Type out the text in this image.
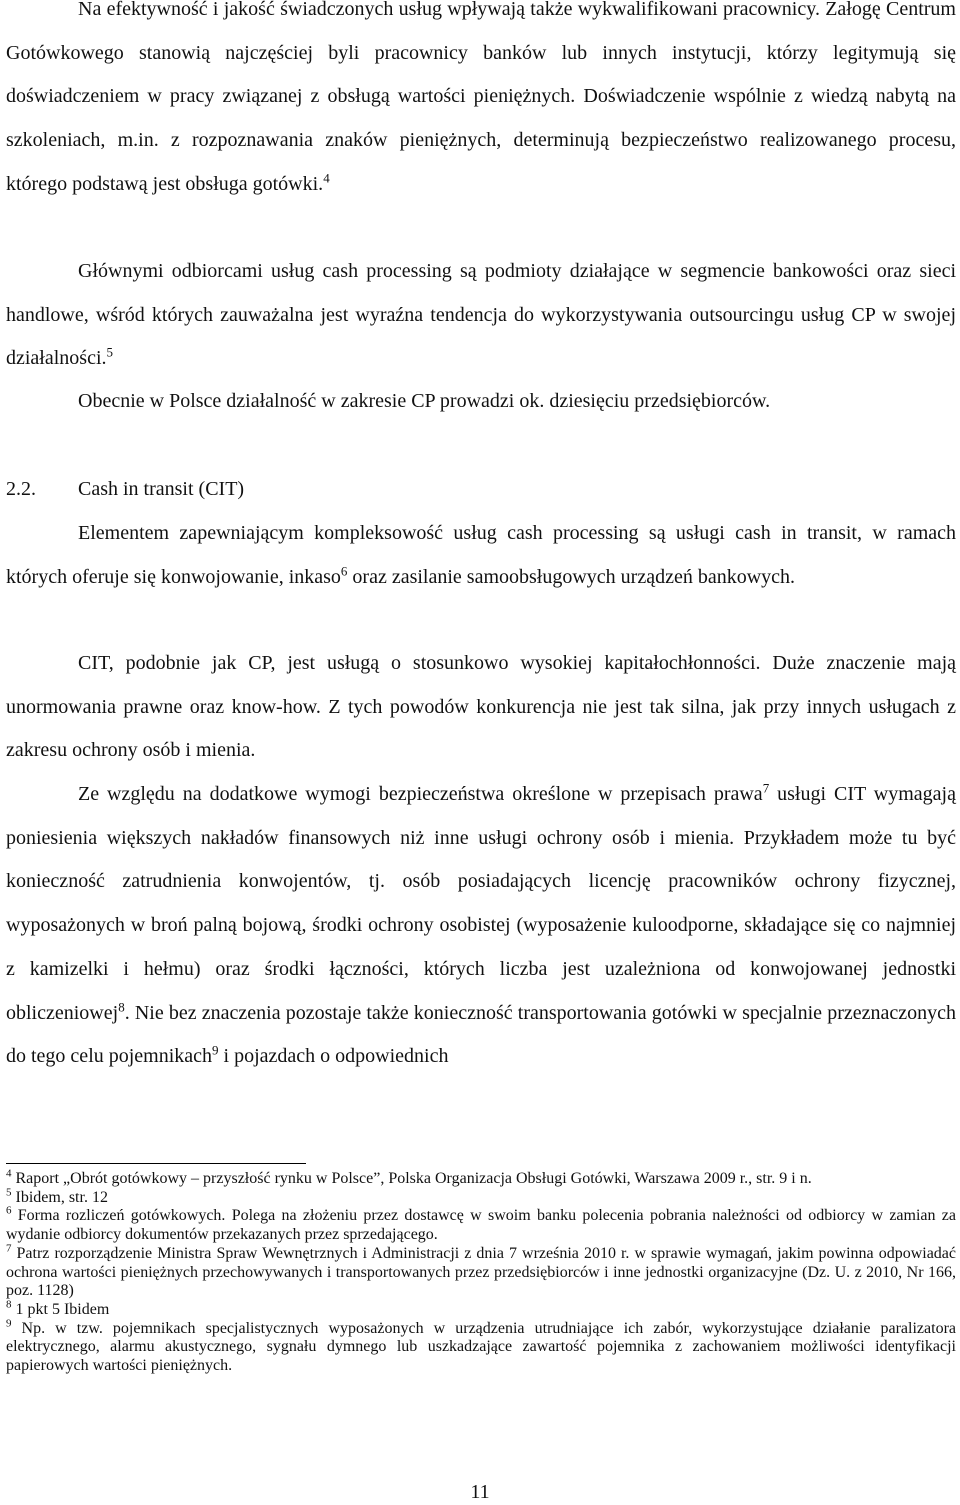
Na efektywność i jakość świadczonych usług wpływają także wykwalifikowani pracownicy. Załogę Centrum Gotówkowego stanowią najczęściej byli pracownicy banków lub innych instytucji, którzy legitymują się doświadczeniem w pracy związanej z obsługą wartości pieniężnych. Doświadczenie wspólnie z wiedzą nabytą na szkoleniach, m.in. z rozpoznawania znaków pieniężnych, determinują bezpieczeństwo realizowanego procesu, którego podstawą jest obsługa gotówki.$^4$

Głównymi odbiorcami usług cash processing są podmioty działające w segmencie bankowości oraz sieci handlowe, wśród których zauważalna jest wyraźna tendencja do wykorzystywania outsourcingu usług CP w swojej działalności.$^5$

Obecnie w Polsce działalność w zakresie CP prowadzi ok. dziesięciu przedsiębiorców.

2.2. Cash in transit (CIT)

Elementem zapewniającym kompleksowość usług cash processing są usługi cash in transit, w ramach których oferuje się konwojowanie, inkaso$^6$ oraz zasilanie samoobsługowych urządzeń bankowych.

CIT, podobnie jak CP, jest usługą o stosunkowo wysokiej kapitałochłonności. Duże znaczenie mają unormowania prawne oraz know-how. Z tych powodów konkurencja nie jest tak silna, jak przy innych usługach z zakresu ochrony osób i mienia.

Ze względu na dodatkowe wymogi bezpieczeństwa określone w przepisach prawa$^7$ usługi CIT wymagają poniesienia większych nakładów finansowych niż inne usługi ochrony osób i mienia. Przykładem może tu być konieczność zatrudnienia konwojentów, tj. osób posiadających licencję pracowników ochrony fizycznej, wyposażonych w broń palną bojową, środki ochrony osobistej (wyposażenie kuloodporne, składające się co najmniej z kamizelki i hełmu) oraz środki łączności, których liczba jest uzależniona od konwojowanej jednostki obliczeniowej$^8$. Nie bez znaczenia pozostaje także konieczność transportowania gotówki w specjalnie przeznaczonych do tego celu pojemnikach$^9$ i pojazdach o odpowiednich

$^4$ Raport „Obrót gotówkowy – przyszłość rynku w Polsce”, Polska Organizacja Obsługi Gotówki, Warszawa 2009 r., str. 9 i n.

$^5$ Ibidem, str. 12

$^6$ Forma rozliczeń gotówkowych. Polega na złożeniu przez dostawcę w swoim banku polecenia pobrania należności od odbiorcy w zamian za wydanie odbiorcy dokumentów przekazanych przez sprzedającego.

$^7$ Patrz rozporządzenie Ministra Spraw Wewnętrznych i Administracji z dnia 7 września 2010 r. w sprawie wymagań, jakim powinna odpowiadać ochrona wartości pieniężnych przechowywanych i transportowanych przez przedsiębiorców i inne jednostki organizacyjne (Dz. U. z 2010, Nr 166, poz. 1128)

$^8$ 1 pkt 5 Ibidem

$^9$ Np. w tzw. pojemnikach specjalistycznych wyposażonych w urządzenia utrudniające ich zabór, wykorzystujące działanie paralizatora elektrycznego, alarmu akustycznego, sygnału dymnego lub uszkadzające zawartość pojemnika z zachowaniem możliwości identyfikacji papierowych wartości pieniężnych.

11
